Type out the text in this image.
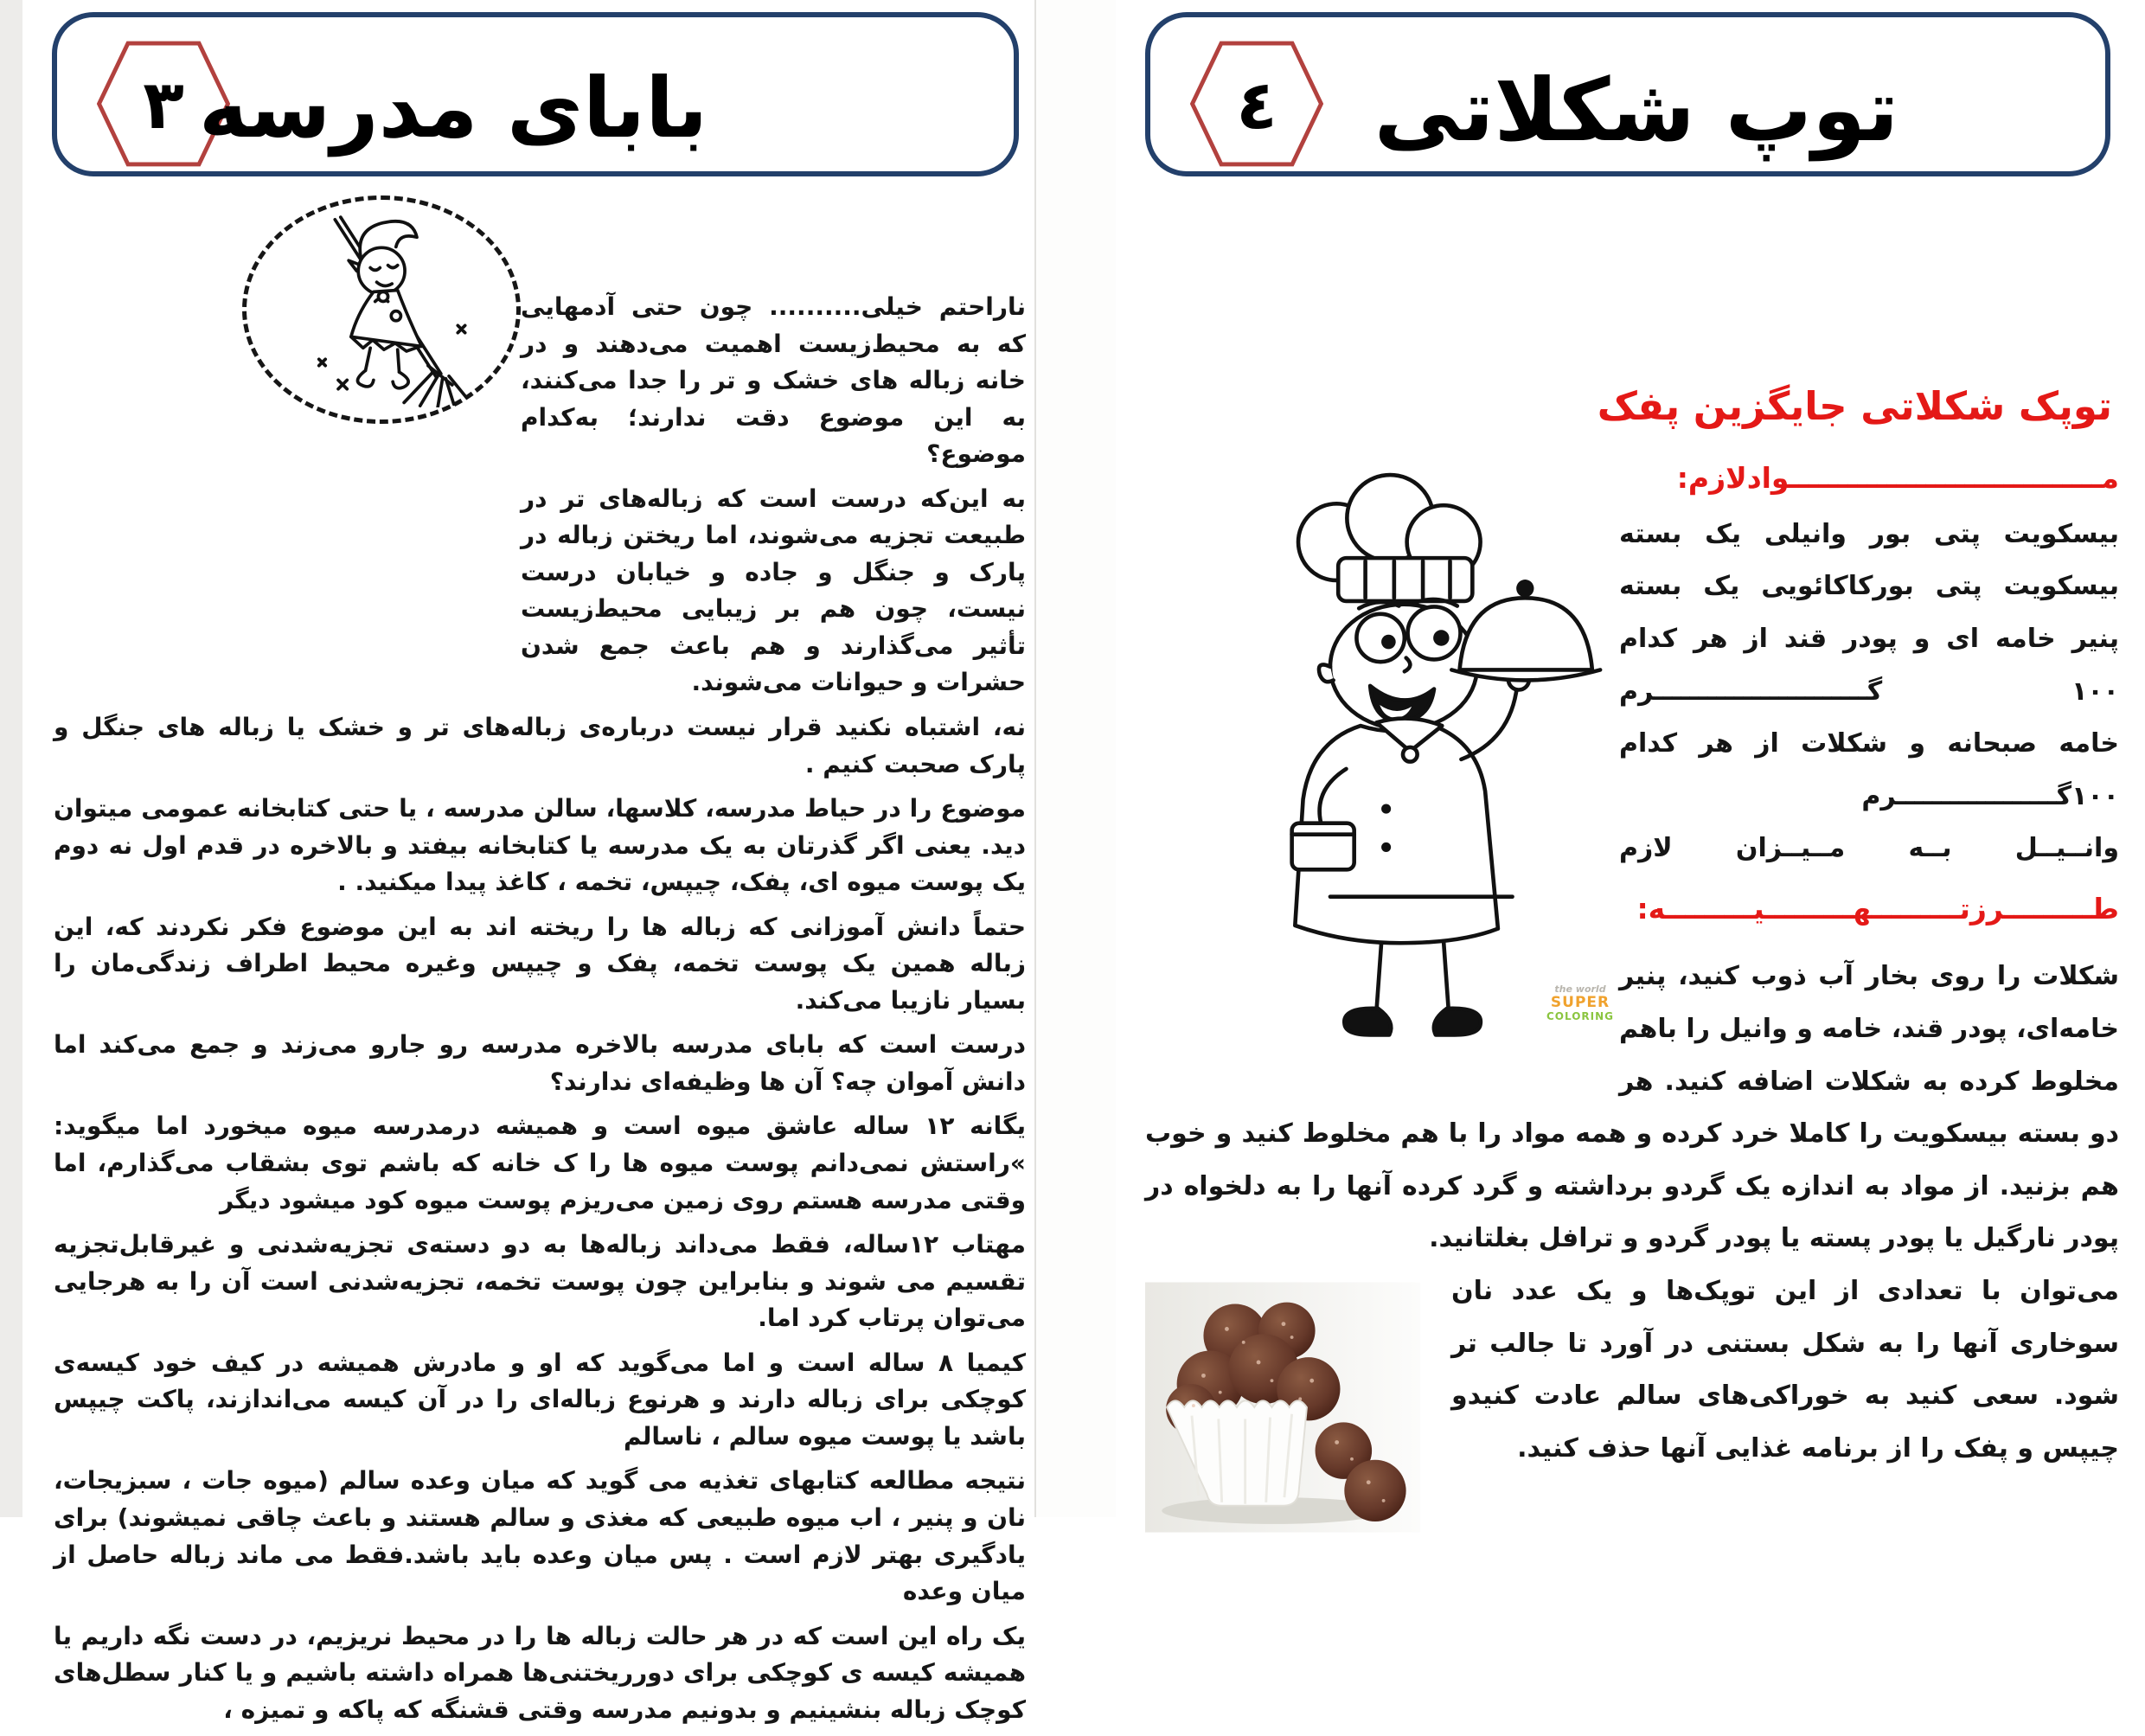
۳ بابای مدرسه

ناراحتم خیلی.......... چون حتی آدمهایی که به محیط‌زیست اهمیت می‌دهند و در خانه زباله های خشک و تر را جدا می‌کنند، به این موضوع دقت ندارند؛ به‌کدام موضوع؟

به این‌که درست است که زباله‌های تر در طبیعت تجزیه می‌شوند، اما ریختن زباله در پارک و جنگل و جاده و خیابان درست نیست، چون هم بر زیبایی محیط‌زیست تأثیر می‌گذارند و هم باعث جمع شدن حشرات و حیوانات می‌شوند.

نه، اشتباه نکنید قرار نیست درباره‌ی زباله‌های تر و خشک یا زباله های جنگل و پارک صحبت کنیم .

موضوع را در حیاط مدرسه، کلاسها، سالن مدرسه ، یا حتی کتابخانه عمومی میتوان دید. یعنی اگر گذرتان به یک مدرسه یا کتابخانه بیفتد و بالاخره در قدم اول نه دوم یک پوست میوه ای، پفک، چیپس، تخمه ، کاغذ پیدا میکنید. .

حتماً دانش آموزانی که زباله ها را ریخته اند به این موضوع فکر نکردند که، این زباله همین یک پوست تخمه، پفک و چیپس وغیره محیط اطراف زندگی‌مان را بسیار نازیبا می‌کند.

درست است که بابای مدرسه بالاخره مدرسه رو جارو می‌زند و جمع می‌کند اما دانش آموان چه؟ آن ها وظیفه‌ای ندارند؟

یگانه ۱۲ ساله عاشق میوه است و همیشه درمدرسه میوه میخورد اما میگوید: »راستش نمی‌دانم پوست میوه ها را ک خانه که باشم توی بشقاب می‌گذارم، اما وقتی مدرسه هستم روی زمین می‌ریزم پوست میوه کود میشود دیگر

مهتاب ۱۲ساله، فقط می‌داند زباله‌ها به دو دسته‌ی تجزیه‌شدنی و غیرقابل‌تجزیه تقسیم می شوند و بنابراین چون پوست تخمه، تجزیه‌شدنی است آن را به هرجایی می‌توان پرتاب کرد اما.

کیمیا ۸ ساله است و اما می‌گوید که او و مادرش همیشه در کیف خود کیسه‌ی کوچکی برای زباله دارند و هرنوع زباله‌ای را در آن کیسه می‌اندازند، پاکت چیپس باشد یا پوست میوه سالم ، ناسالم

نتیجه مطالعه کتابهای تغذیه می گوید که میان وعده سالم (میوه جات ، سبزیجات، نان و پنیر ، اب میوه طبیعی که مغذی و سالم هستند و باعث چاقی نمیشوند) برای یادگیری بهتر لازم است . پس میان وعده باید باشد.فقط می ماند زباله حاصل از میان وعده

یک راه این است که در هر حالت زباله ها را در محیط نریزیم، در دست نگه داریم یا همیشه کیسه ی کوچکی برای دورریختنی‌ها همراه داشته باشیم و یا کنار سطل‌های کوچک زباله بنشینیم و بدونیم مدرسه وقتی قشنگه که پاکه و تمیزه ،

٤	توپ شکلاتی

توپک شکلاتی جایگزین پفک

the world
SUPER
COLORING

مــــــــــــــــــــــــــــــــوادلازم:

بیسکویت پتی بور وانیلی یک بسته

بیسکویت پتی بورکاکائویی یک بسته

پنیر خامه ای و پودر قند از هر کدام

۱۰۰ گــــــــــــــــــــــــرم

خامه صبحانه و شکلات از هر کدام

۱۰۰گــــــــــــــــــرم

وانــیــل بــه مــیــزان لازم

طـــــــــرزتـــــــــهـــــــــیـــــــــه:

شکلات را روی بخار آب ذوب کنید، پنیر خامه‌ای، پودر قند، خامه و وانیل را باهم مخلوط کرده به شکلات اضافه کنید. هر دو بسته بیسکویت را کاملا خرد کرده و همه مواد را با هم مخلوط کنید و خوب هم بزنید. از مواد به اندازه یک گردو برداشته و گرد کرده آنها را به دلخواه در پودر نارگیل یا پودر پسته یا پودر گردو و ترافل بغلتانید.

می‌توان با تعدادی از این توپک‌ها و یک عدد نان سوخاری آنها را به شکل بستنی در آورد تا جالب تر شود. سعی کنید به خوراکی‌های سالم عادت کنیدو چیپس و پفک را از برنامه غذایی آنها حذف کنید.
